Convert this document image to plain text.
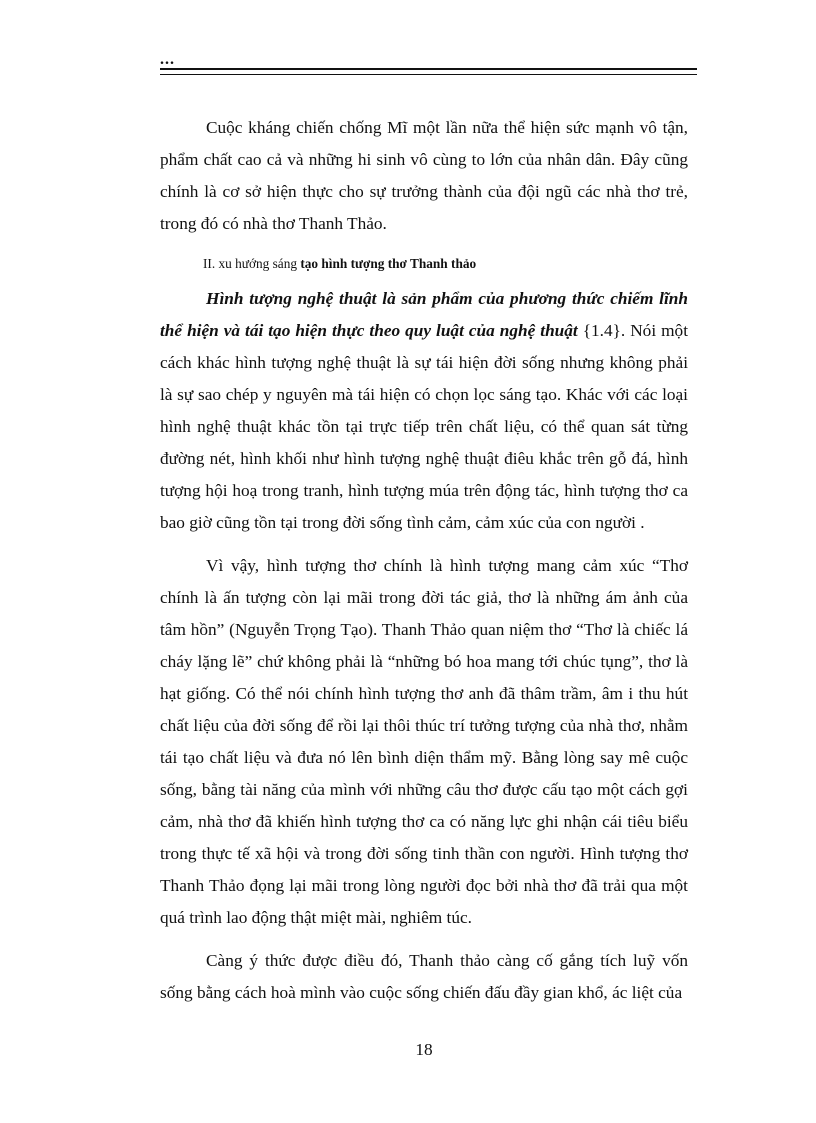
...

Cuộc kháng chiến chống Mĩ một lần nữa thể hiện sức mạnh vô tận, phẩm chất cao cả và những hi sinh vô cùng to lớn của nhân dân. Đây cũng chính là cơ sở hiện thực cho sự trưởng thành của đội ngũ các nhà thơ trẻ, trong đó có nhà thơ Thanh Thảo.

II. xu hướng sáng tạo hình tượng thơ Thanh thảo

Hình tượng nghệ thuật là sản phẩm của phương thức chiếm lĩnh thể hiện và tái tạo hiện thực theo quy luật của nghệ thuật {1.4}. Nói một cách khác hình tượng nghệ thuật là sự tái hiện đời sống nhưng không phải là sự sao chép y nguyên mà tái hiện có chọn lọc sáng tạo. Khác với các loại hình nghệ thuật khác tồn tại trực tiếp trên chất liệu, có thể quan sát từng đường nét, hình khối như hình tượng nghệ thuật điêu khắc trên gỗ đá, hình tượng hội hoạ trong tranh, hình tượng múa trên động tác, hình tượng thơ ca bao giờ cũng tồn tại trong đời sống tình cảm, cảm xúc của con người .

Vì vậy, hình tượng thơ chính là hình tượng mang cảm xúc “Thơ chính là ấn tượng còn lại mãi trong đời tác giả, thơ là những ám ảnh của tâm hồn” (Nguyễn Trọng Tạo). Thanh Thảo quan niệm thơ “Thơ là chiếc lá cháy lặng lẽ” chứ không phải là “những bó hoa mang tới chúc tụng”, thơ là hạt giống. Có thể nói chính hình tượng thơ anh đã thâm trầm, âm i thu hút chất liệu của đời sống để rồi lại thôi thúc trí tưởng tượng của nhà thơ, nhằm tái tạo chất liệu và đưa nó lên bình diện thẩm mỹ. Bằng lòng say mê cuộc sống, bằng tài năng của mình với những câu thơ được cấu tạo một cách gợi cảm, nhà thơ đã khiến hình tượng thơ ca có năng lực ghi nhận cái tiêu biểu trong thực tế xã hội và trong đời sống tinh thần con người. Hình tượng thơ Thanh Thảo đọng lại mãi trong lòng người đọc bởi nhà thơ đã trải qua một quá trình lao động thật miệt mài, nghiêm túc.

Càng ý thức được điều đó, Thanh thảo càng cố gắng tích luỹ vốn sống bằng cách hoà mình vào cuộc sống chiến đấu đầy gian khổ, ác liệt của

18
